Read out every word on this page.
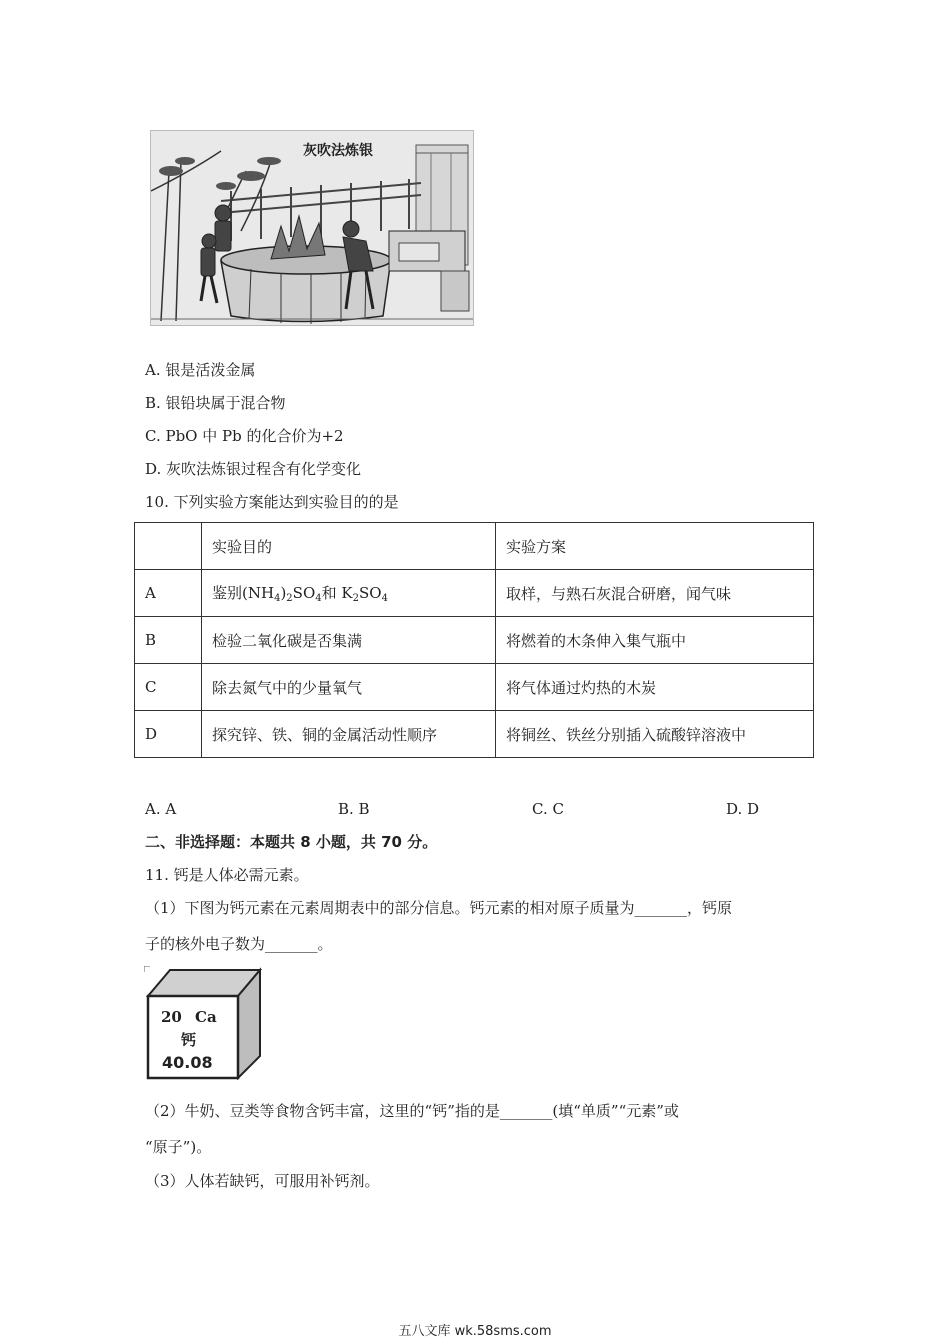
灰吹法炼银
A. 银是活泼金属
B. 银铅块属于混合物
C. PbO 中 Pb 的化合价为+2
D. 灰吹法炼银过程含有化学变化
10. 下列实验方案能达到实验目的的是
	实验目的	实验方案
A	鉴别$(NH_4)_2SO_4$和 $K_2SO_4$	取样，与熟石灰混合研磨，闻气味
B	检验二氧化碳是否集满	将燃着的木条伸入集气瓶中
C	除去氮气中的少量氧气	将气体通过灼热的木炭
D	探究锌、铁、铜的金属活动性顺序	将铜丝、铁丝分别插入硫酸锌溶液中
A. A	B. B	C. C	D. D
二、非选择题：本题共 8 小题，共 70 分。
11. 钙是人体必需元素。
（1）下图为钙元素在元素周期表中的部分信息。钙元素的相对原子质量为_______，钙原
子的核外电子数为_______。
20 Ca
钙
40.08
（2）牛奶、豆类等食物含钙丰富，这里的“钙”指的是_______(填“单质”“元素”或
“原子”)。
（3）人体若缺钙，可服用补钙剂。
五八文库 wk.58sms.com
